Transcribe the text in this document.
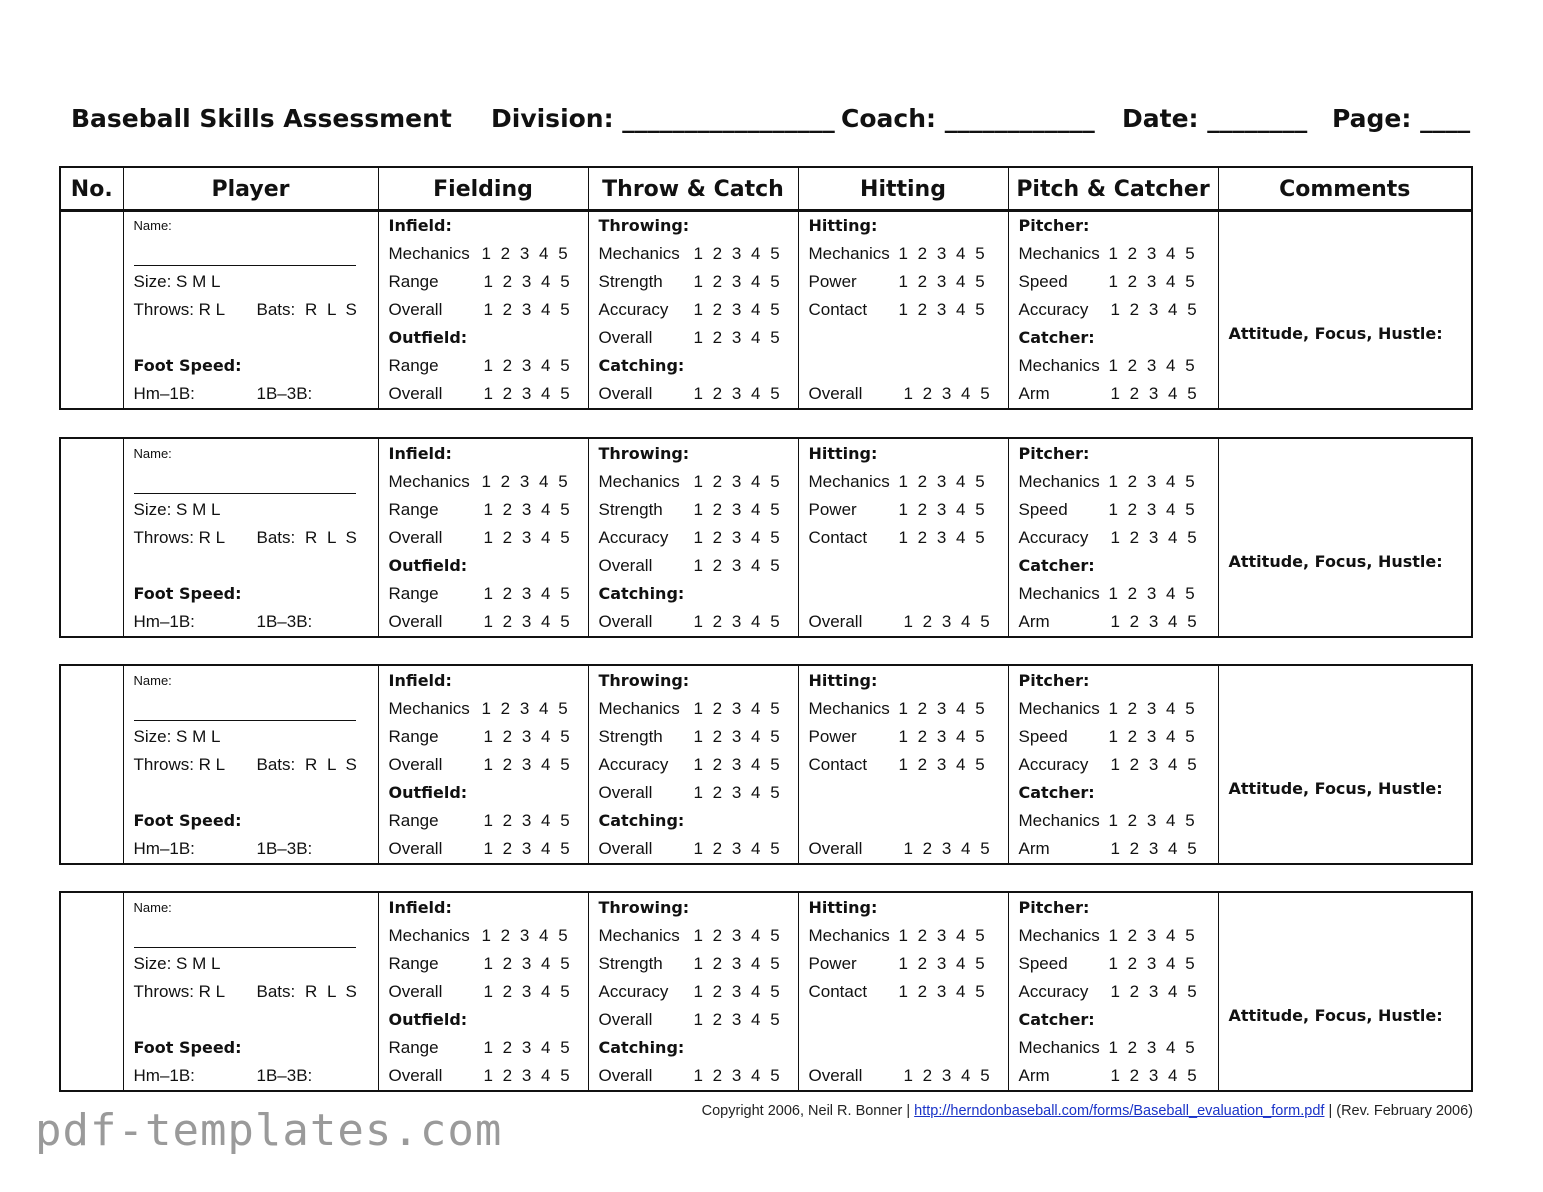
Baseball Skills Assessment Division: _________________ Coach: ____________ Date: ________ Page: ____
No.	Player	Fielding	Throw & Catch	Hitting	Pitch & Catcher	Comments

Name:
Size: S M L
Throws: R L Bats: R L S
Foot Speed:
Hm–1B:	1B–3B:

Infield:
Mechanics 1 2 3 4 5
Range	1 2 3 4 5
Overall 1 2 3 4 5
Outfield:
Range	1 2 3 4 5
Overall 1 2 3 4 5

Throwing:
Mechanics 1 2 3 4 5
Strength 1 2 3 4 5
Accuracy 1 2 3 4 5
Overall 1 2 3 4 5
Catching:
Overall 1 2 3 4 5

Hitting:
Mechanics 1 2 3 4 5
Power 1 2 3 4 5
Contact 1 2 3 4 5
Overall 1 2 3 4 5

Pitcher:
Mechanics 1 2 3 4 5
Speed 1 2 3 4 5
Accuracy 1 2 3 4 5
Catcher:
Mechanics 1 2 3 4 5
Arm	1 2 3 4 5

Attitude, Focus, Hustle:

Name:
Size: S M L
Throws: R L Bats: R L S
Foot Speed:
Hm–1B:	1B–3B:

Infield:
Mechanics 1 2 3 4 5
Range	1 2 3 4 5
Overall 1 2 3 4 5
Outfield:
Range	1 2 3 4 5
Overall 1 2 3 4 5

Throwing:
Mechanics 1 2 3 4 5
Strength 1 2 3 4 5
Accuracy 1 2 3 4 5
Overall 1 2 3 4 5
Catching:
Overall 1 2 3 4 5

Hitting:
Mechanics 1 2 3 4 5
Power 1 2 3 4 5
Contact 1 2 3 4 5
Overall 1 2 3 4 5

Pitcher:
Mechanics 1 2 3 4 5
Speed 1 2 3 4 5
Accuracy 1 2 3 4 5
Catcher:
Mechanics 1 2 3 4 5
Arm	1 2 3 4 5

Attitude, Focus, Hustle:

Name:
Size: S M L
Throws: R L Bats: R L S
Foot Speed:
Hm–1B:	1B–3B:

Infield:
Mechanics 1 2 3 4 5
Range	1 2 3 4 5
Overall 1 2 3 4 5
Outfield:
Range	1 2 3 4 5
Overall 1 2 3 4 5

Throwing:
Mechanics 1 2 3 4 5
Strength 1 2 3 4 5
Accuracy 1 2 3 4 5
Overall 1 2 3 4 5
Catching:
Overall 1 2 3 4 5

Hitting:
Mechanics 1 2 3 4 5
Power 1 2 3 4 5
Contact 1 2 3 4 5
Overall 1 2 3 4 5

Pitcher:
Mechanics 1 2 3 4 5
Speed 1 2 3 4 5
Accuracy 1 2 3 4 5
Catcher:
Mechanics 1 2 3 4 5
Arm	1 2 3 4 5

Attitude, Focus, Hustle:

Name:
Size: S M L
Throws: R L Bats: R L S
Foot Speed:
Hm–1B:	1B–3B:

Infield:
Mechanics 1 2 3 4 5
Range	1 2 3 4 5
Overall 1 2 3 4 5
Outfield:
Range	1 2 3 4 5
Overall 1 2 3 4 5

Throwing:
Mechanics 1 2 3 4 5
Strength 1 2 3 4 5
Accuracy 1 2 3 4 5
Overall 1 2 3 4 5
Catching:
Overall 1 2 3 4 5

Hitting:
Mechanics 1 2 3 4 5
Power 1 2 3 4 5
Contact 1 2 3 4 5
Overall 1 2 3 4 5

Pitcher:
Mechanics 1 2 3 4 5
Speed 1 2 3 4 5
Accuracy 1 2 3 4 5
Catcher:
Mechanics 1 2 3 4 5
Arm	1 2 3 4 5

Attitude, Focus, Hustle:
Copyright 2006, Neil R. Bonner | http://herndonbaseball.com/forms/Baseball_evaluation_form.pdf | (Rev. February 2006)
pdf-templates.com
